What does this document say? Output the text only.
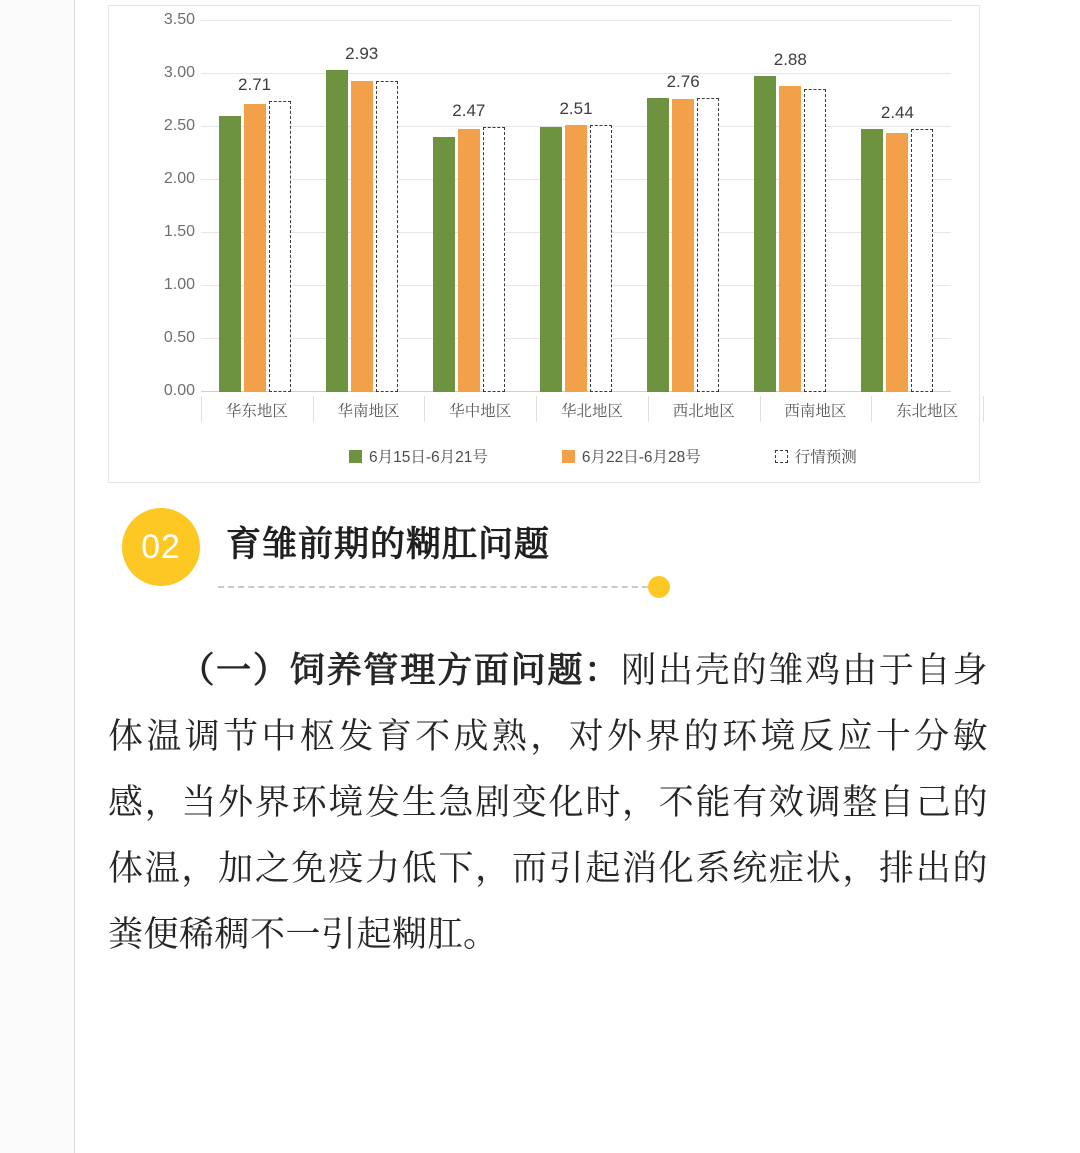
3.50
3.00
2.50
2.00
1.50
1.00
0.50
0.00
2.71
2.93
2.47	2.51
2.76
2.88
2.44
华东地区	华南地区	华中地区	华北地区	西北地区	西南地区	东北地区
6月15日-6月21号	6月22日-6月28号	行情预测
02	育雏前期的糊肛问题
（一）饲养管理方面问题：刚出壳的雏鸡由于自身体温调节中枢发育不成熟，对外界的环境反应十分敏感，当外界环境发生急剧变化时，不能有效调整自己的体温，加之免疫力低下，而引起消化系统症状，排出的粪便稀稠不一引起糊肛。
